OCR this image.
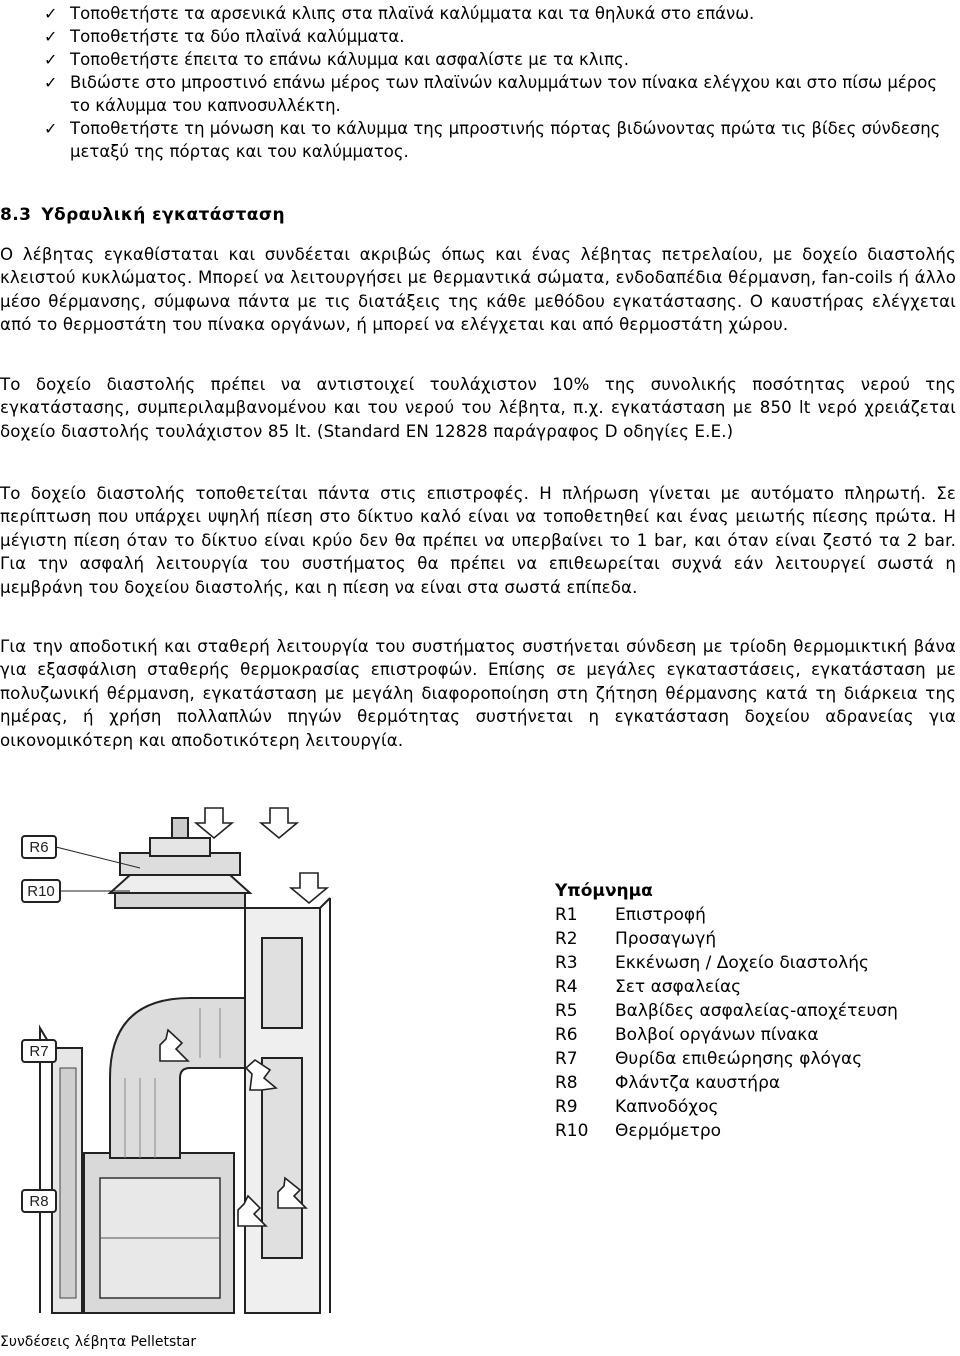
✓ Τοποθετήστε τα αρσενικά κλιπς στα πλαϊνά καλύμματα και τα θηλυκά στο επάνω.
✓ Τοποθετήστε τα δύο πλαϊνά καλύμματα.
✓ Τοποθετήστε έπειτα το επάνω κάλυμμα και ασφαλίστε με τα κλιπς.
✓ Βιδώστε στο μπροστινό επάνω μέρος των πλαϊνών καλυμμάτων τον πίνακα ελέγχου και στο πίσω μέρος το κάλυμμα του καπνοσυλλέκτη.
✓ Τοποθετήστε τη μόνωση και το κάλυμμα της μπροστινής πόρτας βιδώνοντας πρώτα τις βίδες σύνδεσης μεταξύ της πόρτας και του καλύμματος.
8.3 Υδραυλική εγκατάσταση

Ο λέβητας εγκαθίσταται και συνδέεται ακριβώς όπως και ένας λέβητας πετρελαίου, με δοχείο διαστολής κλειστού κυκλώματος. Μπορεί να λειτουργήσει με θερμαντικά σώματα, ενδοδαπέδια θέρμανση, fan-coils ή άλλο μέσο θέρμανσης, σύμφωνα πάντα με τις διατάξεις της κάθε μεθόδου εγκατάστασης. Ο καυστήρας ελέγχεται από το θερμοστάτη του πίνακα οργάνων, ή μπορεί να ελέγχεται και από θερμοστάτη χώρου.

Το δοχείο διαστολής πρέπει να αντιστοιχεί τουλάχιστον 10% της συνολικής ποσότητας νερού της εγκατάστασης, συμπεριλαμβανομένου και του νερού του λέβητα, π.χ. εγκατάσταση με 850 lt νερό χρειάζεται δοχείο διαστολής τουλάχιστον 85 lt. (Standard EN 12828 παράγραφος D οδηγίες Ε.Ε.)

Το δοχείο διαστολής τοποθετείται πάντα στις επιστροφές. Η πλήρωση γίνεται με αυτόματο πληρωτή. Σε περίπτωση που υπάρχει υψηλή πίεση στο δίκτυο καλό είναι να τοποθετηθεί και ένας μειωτής πίεσης πρώτα. Η μέγιστη πίεση όταν το δίκτυο είναι κρύο δεν θα πρέπει να υπερβαίνει το 1 bar, και όταν είναι ζεστό τα 2 bar. Για την ασφαλή λειτουργία του συστήματος θα πρέπει να επιθεωρείται συχνά εάν λειτουργεί σωστά η μεμβράνη του δοχείου διαστολής, και η πίεση να είναι στα σωστά επίπεδα.

Για την αποδοτική και σταθερή λειτουργία του συστήματος συστήνεται σύνδεση με τρίοδη θερμομικτική βάνα για εξασφάλιση σταθερής θερμοκρασίας επιστροφών. Επίσης σε μεγάλες εγκαταστάσεις, εγκατάσταση με πολυζωνική θέρμανση, εγκατάσταση με μεγάλη διαφοροποίηση στη ζήτηση θέρμανσης κατά τη διάρκεια της ημέρας, ή χρήση πολλαπλών πηγών θερμότητας συστήνεται η εγκατάσταση δοχείου αδρανείας για οικονομικότερη και αποδοτικότερη λειτουργία.

R6
R10
R7
R8
Υπόμνημα
R1	Επιστροφή
R2	Προσαγωγή
R3	Εκκένωση / Δοχείο διαστολής
R4	Σετ ασφαλείας
R5	Βαλβίδες ασφαλείας-αποχέτευση
R6	Βολβοί οργάνων πίνακα
R7	Θυρίδα επιθεώρησης φλόγας
R8	Φλάντζα καυστήρα
R9	Καπνοδόχος
R10	Θερμόμετρο
Συνδέσεις λέβητα Pelletstar
